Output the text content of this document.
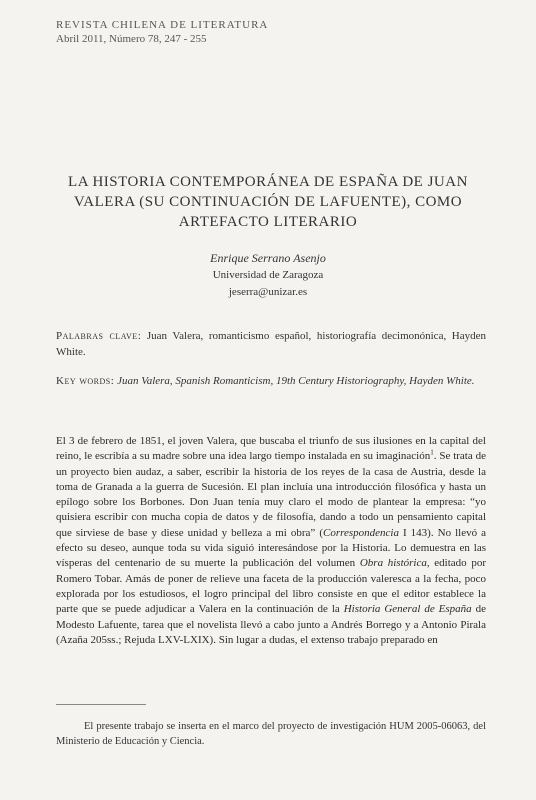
REVISTA CHILENA DE LITERATURA
Abril 2011, Número 78, 247 - 255
LA HISTORIA CONTEMPORÁNEA DE ESPAÑA DE JUAN
VALERA (SU CONTINUACIÓN DE LAFUENTE), COMO
ARTEFACTO LITERARIO
Enrique Serrano Asenjo
Universidad de Zaragoza
jeserra@unizar.es

Palabras clave: Juan Valera, romanticismo español, historiografía decimonónica, Hayden White.

Key words: Juan Valera, Spanish Romanticism, 19th Century Historiography, Hayden White.

El 3 de febrero de 1851, el joven Valera, que buscaba el triunfo de sus ilusiones en la capital del reino, le escribía a su madre sobre una idea largo tiempo instalada en su imaginación$^1$. Se trata de un proyecto bien audaz, a saber, escribir la historia de los reyes de la casa de Austria, desde la toma de Granada a la guerra de Sucesión. El plan incluía una introducción filosófica y hasta un epílogo sobre los Borbones. Don Juan tenía muy claro el modo de plantear la empresa: “yo quisiera escribir con mucha copia de datos y de filosofía, dando a todo un pensamiento capital que sirviese de base y diese unidad y belleza a mi obra” (Correspondencia I 143). No llevó a efecto su deseo, aunque toda su vida siguió interesándose por la Historia. Lo demuestra en las vísperas del centenario de su muerte la publicación del volumen Obra histórica, editado por Romero Tobar. Amás de poner de relieve una faceta de la producción valeresca a la fecha, poco explorada por los estudiosos, el logro principal del libro consiste en que el editor establece la parte que se puede adjudicar a Valera en la continuación de la Historia General de España de Modesto Lafuente, tarea que el novelista llevó a cabo junto a Andrés Borrego y a Antonio Pirala (Azaña 205ss.; Rejuda LXV-LXIX). Sin lugar a dudas, el extenso trabajo preparado en

El presente trabajo se inserta en el marco del proyecto de investigación HUM 2005-06063, del Ministerio de Educación y Ciencia.
